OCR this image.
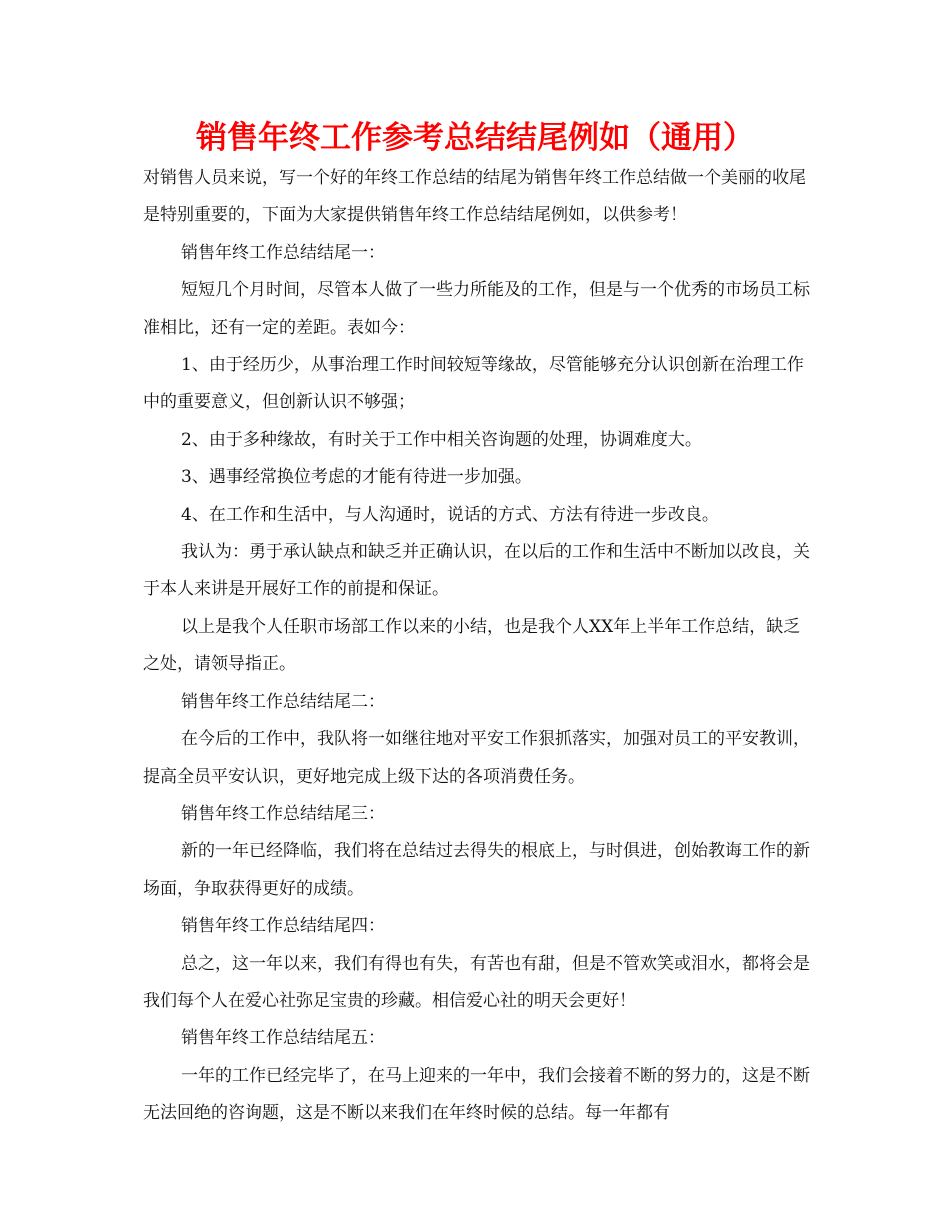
销售年终工作参考总结结尾例如（通用）

对销售人员来说，写一个好的年终工作总结的结尾为销售年终工作总结做一个美丽的收尾是特别重要的，下面为大家提供销售年终工作总结结尾例如，以供参考！

销售年终工作总结结尾一：

短短几个月时间，尽管本人做了一些力所能及的工作，但是与一个优秀的市场员工标准相比，还有一定的差距。表如今：

1、由于经历少，从事治理工作时间较短等缘故，尽管能够充分认识创新在治理工作中的重要意义，但创新认识不够强；

2、由于多种缘故，有时关于工作中相关咨询题的处理，协调难度大。

3、遇事经常换位考虑的才能有待进一步加强。

4、在工作和生活中，与人沟通时，说话的方式、方法有待进一步改良。

我认为：勇于承认缺点和缺乏并正确认识，在以后的工作和生活中不断加以改良，关于本人来讲是开展好工作的前提和保证。

以上是我个人任职市场部工作以来的小结，也是我个人XX年上半年工作总结，缺乏之处，请领导指正。

销售年终工作总结结尾二：

在今后的工作中，我队将一如继往地对平安工作狠抓落实，加强对员工的平安教训，提高全员平安认识，更好地完成上级下达的各项消费任务。

销售年终工作总结结尾三：

新的一年已经降临，我们将在总结过去得失的根底上，与时俱进，创始教诲工作的新场面，争取获得更好的成绩。

销售年终工作总结结尾四：

总之，这一年以来，我们有得也有失，有苦也有甜，但是不管欢笑或泪水，都将会是我们每个人在爱心社弥足宝贵的珍藏。相信爱心社的明天会更好！

销售年终工作总结结尾五：

一年的工作已经完毕了，在马上迎来的一年中，我们会接着不断的努力的，这是不断无法回绝的咨询题，这是不断以来我们在年终时候的总结。每一年都有
